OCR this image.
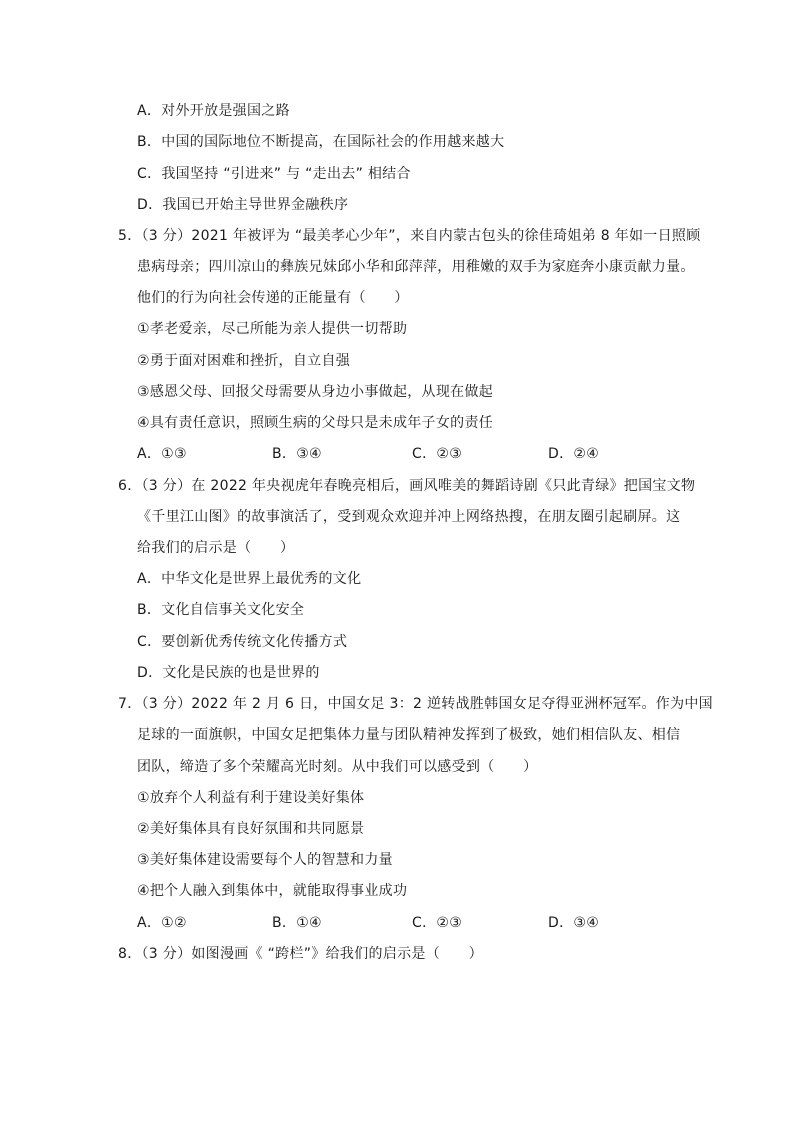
A．对外开放是强国之路
B．中国的国际地位不断提高，在国际社会的作用越来越大
C．我国坚持 “引进来” 与 “走出去” 相结合
D．我国已开始主导世界金融秩序
5．（3 分）2021 年被评为 “最美孝心少年”，来自内蒙古包头的徐佳琦姐弟 8 年如一日照顾
患病母亲；四川凉山的彝族兄妹邱小华和邱萍萍，用稚嫩的双手为家庭奔小康贡献力量。
他们的行为向社会传递的正能量有（　　）
①孝老爱亲，尽己所能为亲人提供一切帮助
②勇于面对困难和挫折，自立自强
③感恩父母、回报父母需要从身边小事做起，从现在做起
④具有责任意识，照顾生病的父母只是未成年子女的责任
A．①③	B．③④	C．②③	D．②④
6．（3 分）在 2022 年央视虎年春晚亮相后，画风唯美的舞蹈诗剧《只此青绿》把国宝文物
《千里江山图》的故事演活了，受到观众欢迎并冲上网络热搜，在朋友圈引起刷屏。这
给我们的启示是（　　）
A．中华文化是世界上最优秀的文化
B．文化自信事关文化安全
C．要创新优秀传统文化传播方式
D．文化是民族的也是世界的
7．（3 分）2022 年 2 月 6 日，中国女足 3：2 逆转战胜韩国女足夺得亚洲杯冠军。作为中国
足球的一面旗帜，中国女足把集体力量与团队精神发挥到了极致，她们相信队友、相信
团队，缔造了多个荣耀高光时刻。从中我们可以感受到（　　）
①放弃个人利益有利于建设美好集体
②美好集体具有良好氛围和共同愿景
③美好集体建设需要每个人的智慧和力量
④把个人融入到集体中，就能取得事业成功
A．①②	B．①④	C．②③	D．③④
8．（3 分）如图漫画《 “跨栏”》给我们的启示是（　　）
